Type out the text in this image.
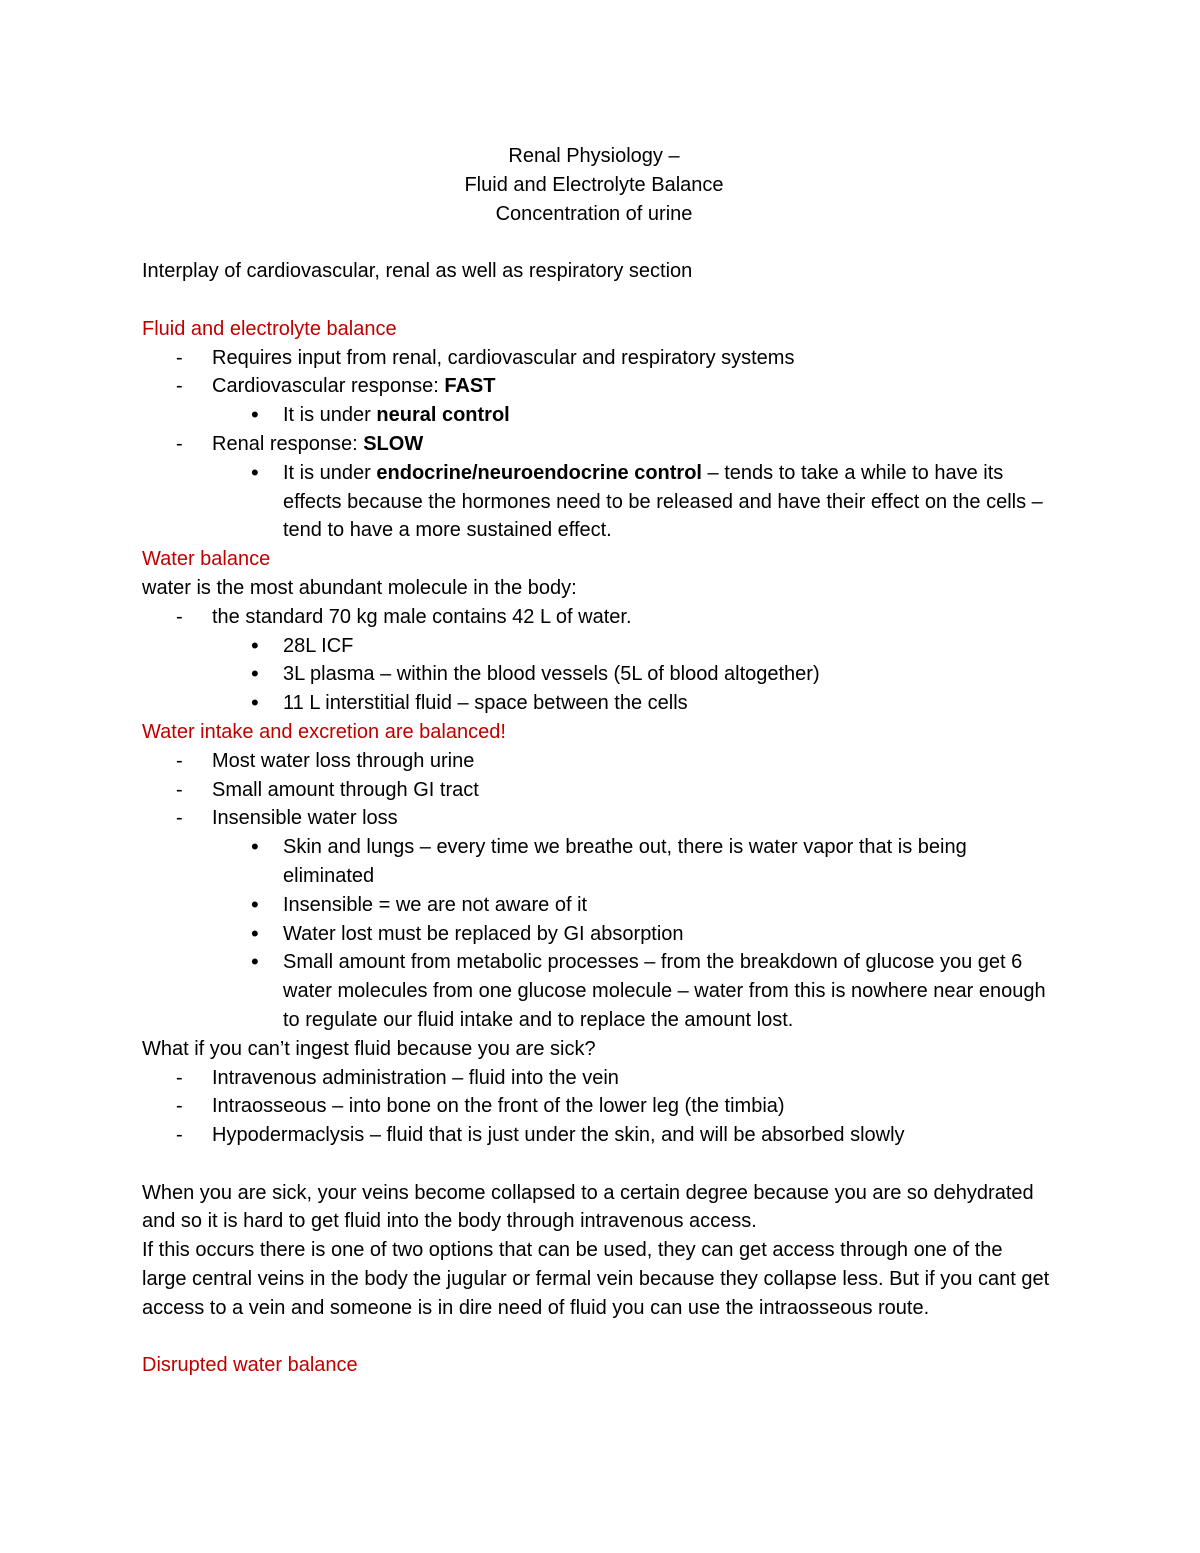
Renal Physiology –
Fluid and Electrolyte Balance
Concentration of urine
Interplay of cardiovascular, renal as well as respiratory section
Fluid and electrolyte balance
- Requires input from renal, cardiovascular and respiratory systems
- Cardiovascular response: FAST
• It is under neural control
- Renal response: SLOW
• It is under endocrine/neuroendocrine control – tends to take a while to have its effects because the hormones need to be released and have their effect on the cells – tend to have a more sustained effect.
Water balance
water is the most abundant molecule in the body:
- the standard 70 kg male contains 42 L of water.
• 28L ICF
• 3L plasma – within the blood vessels (5L of blood altogether)
• 11 L interstitial fluid – space between the cells
Water intake and excretion are balanced!
- Most water loss through urine
- Small amount through GI tract
- Insensible water loss
• Skin and lungs – every time we breathe out, there is water vapor that is being eliminated
• Insensible = we are not aware of it
• Water lost must be replaced by GI absorption
• Small amount from metabolic processes – from the breakdown of glucose you get 6 water molecules from one glucose molecule – water from this is nowhere near enough to regulate our fluid intake and to replace the amount lost.
What if you can’t ingest fluid because you are sick?
- Intravenous administration – fluid into the vein
- Intraosseous – into bone on the front of the lower leg (the timbia)
- Hypodermaclysis – fluid that is just under the skin, and will be absorbed slowly
When you are sick, your veins become collapsed to a certain degree because you are so dehydrated and so it is hard to get fluid into the body through intravenous access.
If this occurs there is one of two options that can be used, they can get access through one of the large central veins in the body the jugular or fermal vein because they collapse less. But if you cant get access to a vein and someone is in dire need of fluid you can use the intraosseous route.
Disrupted water balance
